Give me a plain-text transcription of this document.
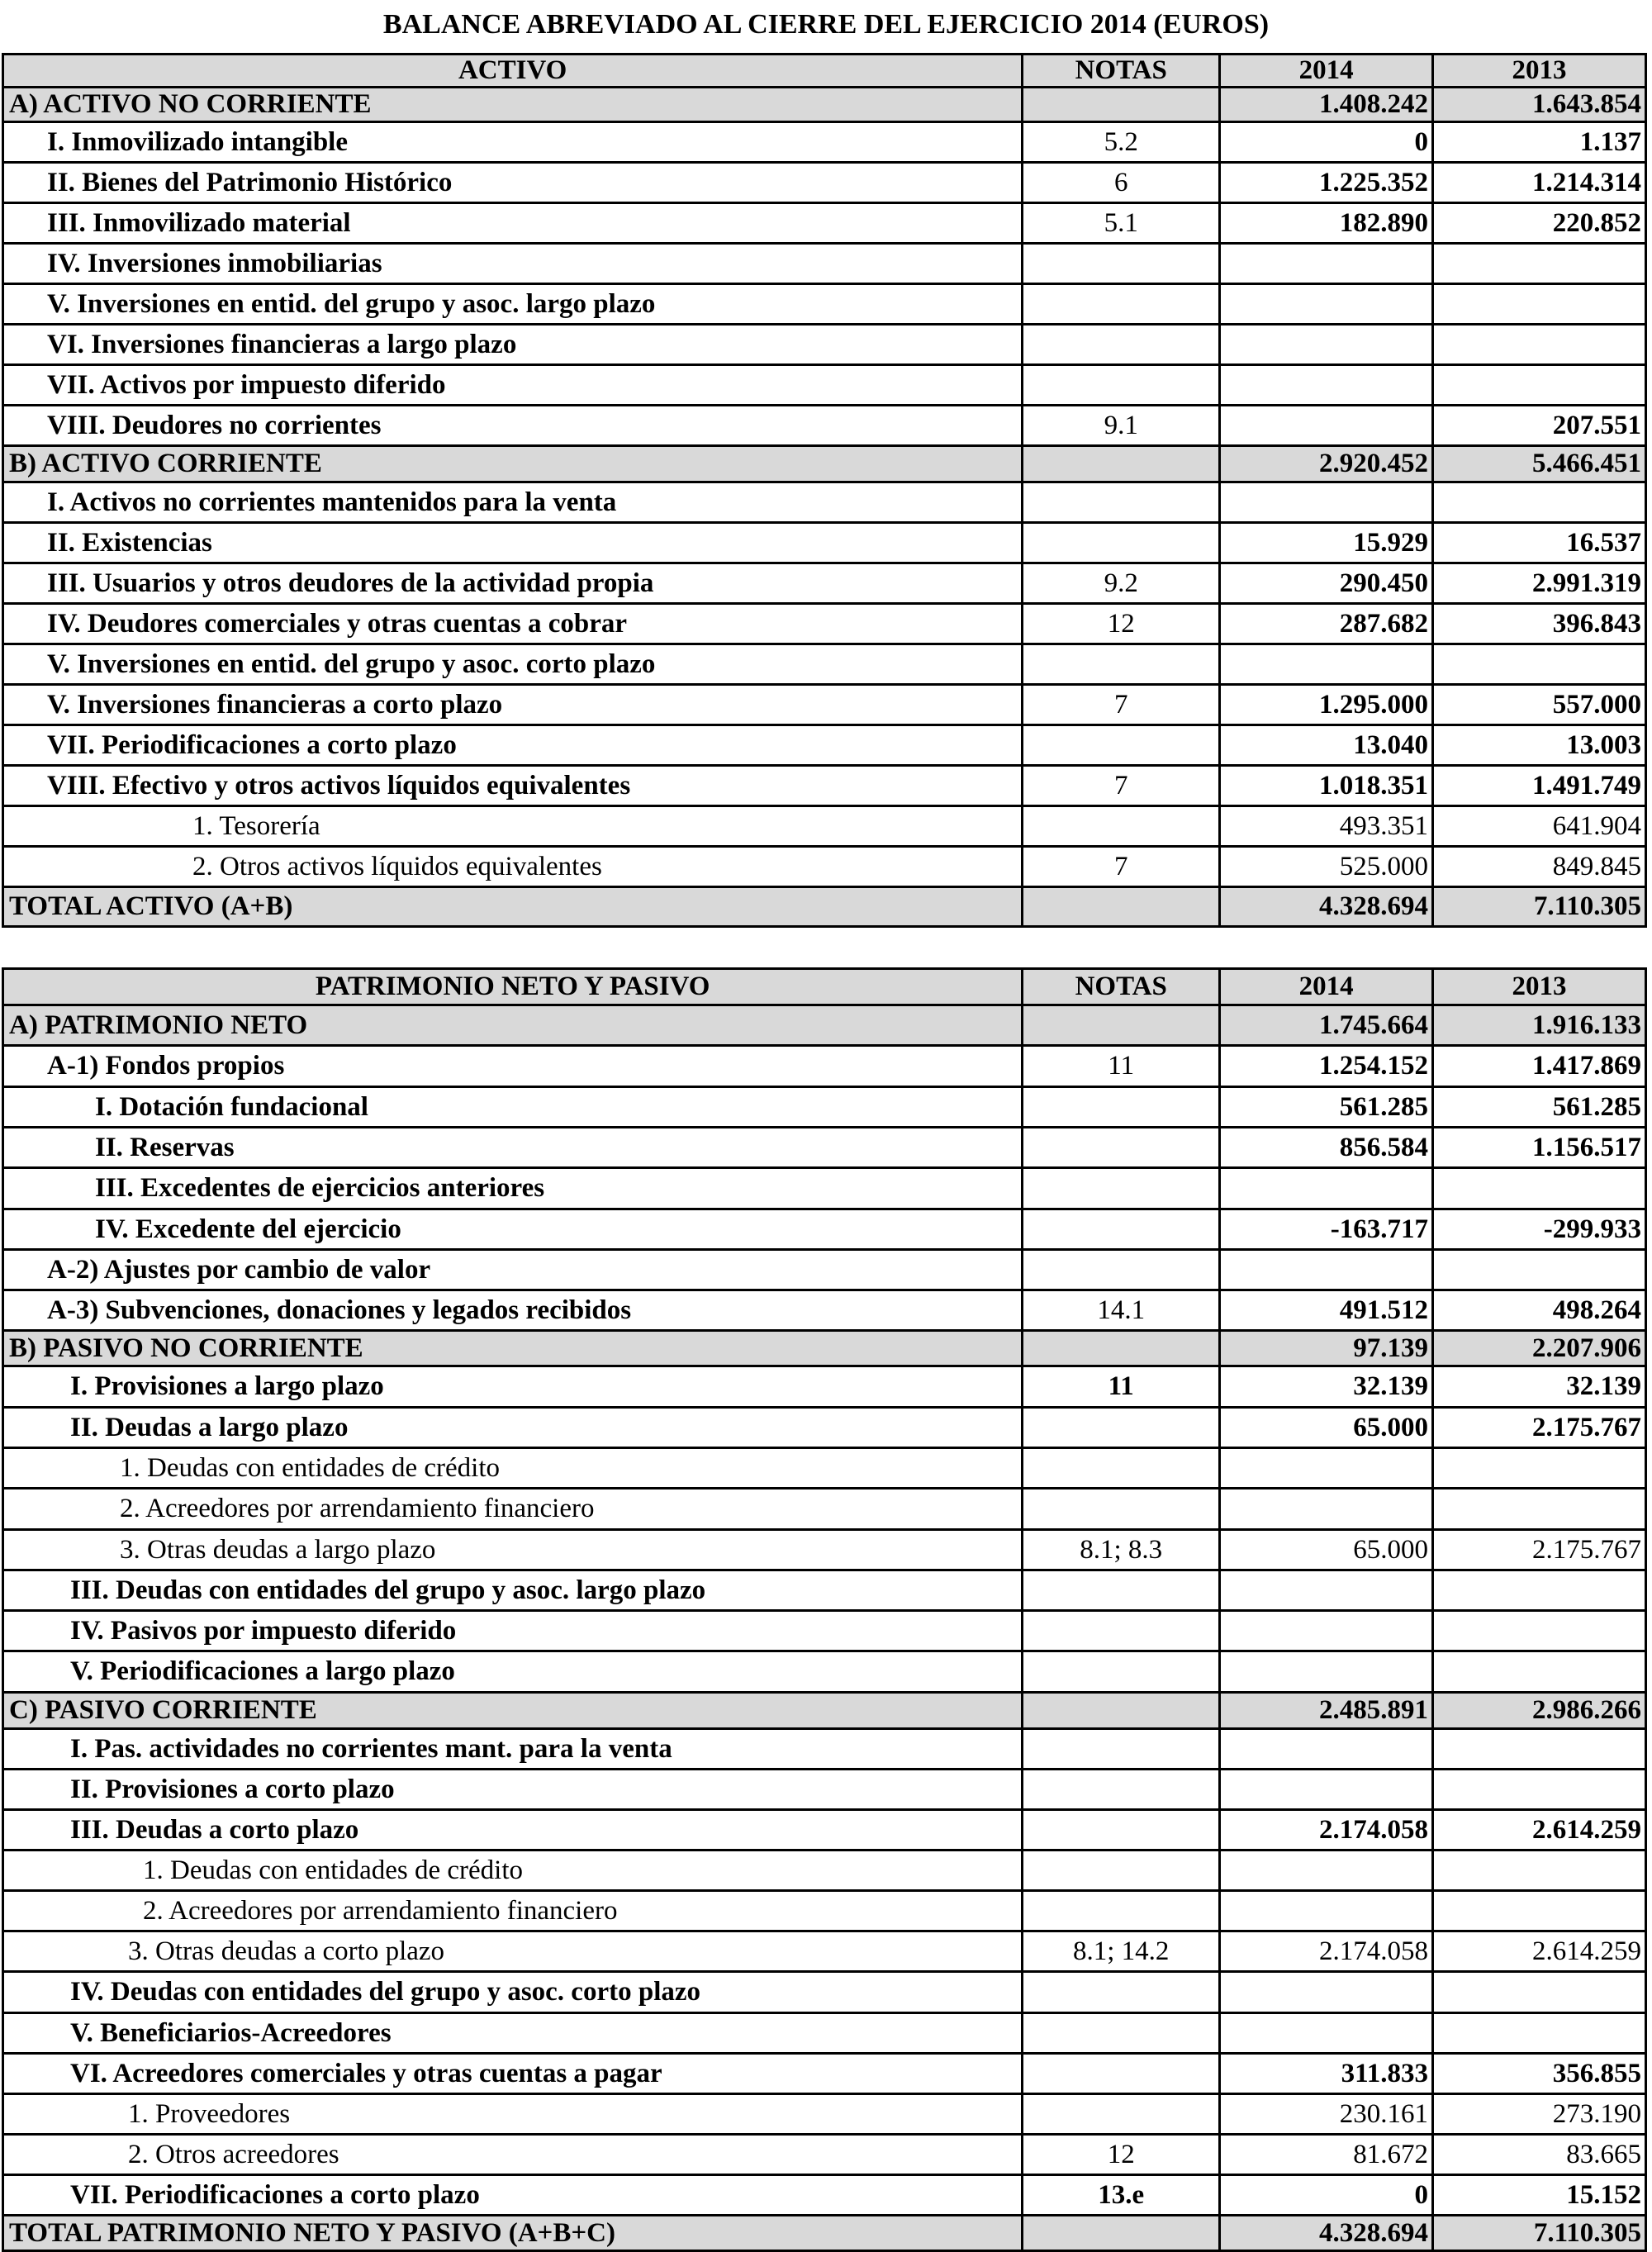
BALANCE ABREVIADO AL CIERRE DEL EJERCICIO 2014 (EUROS)
ACTIVO	NOTAS	2014	2013
A) ACTIVO NO CORRIENTE		1.408.242	1.643.854
I. Inmovilizado intangible	5.2	0	1.137
II. Bienes del Patrimonio Histórico	6	1.225.352	1.214.314
III. Inmovilizado material	5.1	182.890	220.852
IV. Inversiones inmobiliarias			
V. Inversiones en entid. del grupo y asoc. largo plazo			
VI. Inversiones financieras a largo plazo			
VII. Activos por impuesto diferido			
VIII. Deudores no corrientes	9.1		207.551
B) ACTIVO CORRIENTE		2.920.452	5.466.451
I. Activos no corrientes mantenidos para la venta			
II. Existencias		15.929	16.537
III. Usuarios y otros deudores de la actividad propia	9.2	290.450	2.991.319
IV. Deudores comerciales y otras cuentas a cobrar	12	287.682	396.843
V. Inversiones en entid. del grupo y asoc. corto plazo			
V. Inversiones financieras a corto plazo	7	1.295.000	557.000
VII. Periodificaciones a corto plazo		13.040	13.003
VIII. Efectivo y otros activos líquidos equivalentes	7	1.018.351	1.491.749
1. Tesorería		493.351	641.904
2. Otros activos líquidos equivalentes	7	525.000	849.845
TOTAL ACTIVO (A+B)		4.328.694	7.110.305
PATRIMONIO NETO Y PASIVO	NOTAS	2014	2013
A) PATRIMONIO NETO		1.745.664	1.916.133
A-1) Fondos propios	11	1.254.152	1.417.869
I. Dotación fundacional		561.285	561.285
II. Reservas		856.584	1.156.517
III. Excedentes de ejercicios anteriores			
IV. Excedente del ejercicio		-163.717	-299.933
A-2) Ajustes por cambio de valor			
A-3) Subvenciones, donaciones y legados recibidos	14.1	491.512	498.264
B) PASIVO NO CORRIENTE		97.139	2.207.906
I. Provisiones a largo plazo	11	32.139	32.139
II. Deudas a largo plazo		65.000	2.175.767
1. Deudas con entidades de crédito			
2. Acreedores por arrendamiento financiero			
3. Otras deudas a largo plazo	8.1; 8.3	65.000	2.175.767
III. Deudas con entidades del grupo y asoc. largo plazo			
IV. Pasivos por impuesto diferido			
V. Periodificaciones a largo plazo			
C) PASIVO CORRIENTE		2.485.891	2.986.266
I. Pas. actividades no corrientes mant. para la venta			
II. Provisiones a corto plazo			
III. Deudas a corto plazo		2.174.058	2.614.259
1. Deudas con entidades de crédito			
2. Acreedores por arrendamiento financiero			
3. Otras deudas a corto plazo	8.1; 14.2	2.174.058	2.614.259
IV. Deudas con entidades del grupo y asoc. corto plazo			
V. Beneficiarios-Acreedores			
VI. Acreedores comerciales y otras cuentas a pagar		311.833	356.855
1. Proveedores		230.161	273.190
2. Otros acreedores	12	81.672	83.665
VII. Periodificaciones a corto plazo	13.e	0	15.152
TOTAL PATRIMONIO NETO Y PASIVO (A+B+C)		4.328.694	7.110.305
